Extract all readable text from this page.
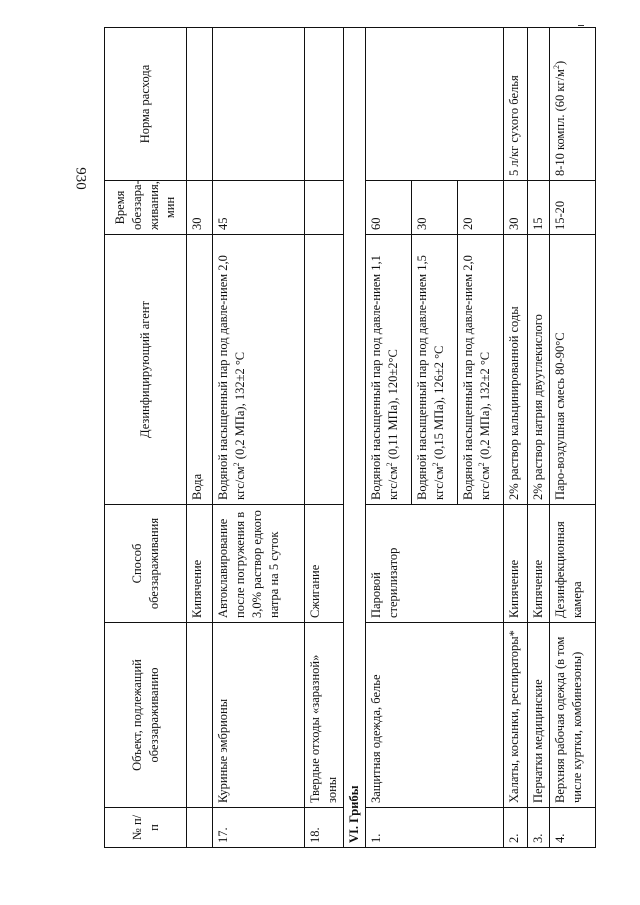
930
№ п/п	Объект, подлежащий обеззараживанию	Способ обеззараживания	Дезинфицирующий агент	Время обеззара-живания, мин	Норма расхода
		Кипячение	Вода	30	
17.	Куриные эмбрионы	Автоклавирование после погружения в 3,0% раствор едкого натра на 5 суток	Водяной насыщенный пар под давле-нием 2,0 кгс/$см^2$ (0,2 МПа), 132±2 °С	45	
18.	Твердые отходы «заразной» зоны	Сжигание			
VI. Грибы					
1.	Защитная одежда, белье	Паровой стерилизатор	Водяной насыщенный пар под давле-нием 1,1 кгс/$см^2$ (0,11 МПа), 120±2°С	60	
			Водяной насыщенный пар под давле-нием 1,5 кгс/$см^2$ (0,15 МПа), 126±2 °С	30	
			Водяной насыщенный пар под давле-нием 2,0 кгс/$см^2$ (0,2 МПа), 132±2 °С	20	
2.	Халаты, косынки, респираторы*	Кипячение	2% раствор кальцинированной соды	30	5 л/кг сухого белья
3.	Перчатки медицинские	Кипячение	2% раствор натрия двууглекислого	15	
4.	Верхняя рабочая одежда (в том числе куртки, комбинезоны)	Дезинфекционная камера	Паро-воздушная смесь 80-90°С	15-20	8-10 компл. (60 $кг/м^2$)
